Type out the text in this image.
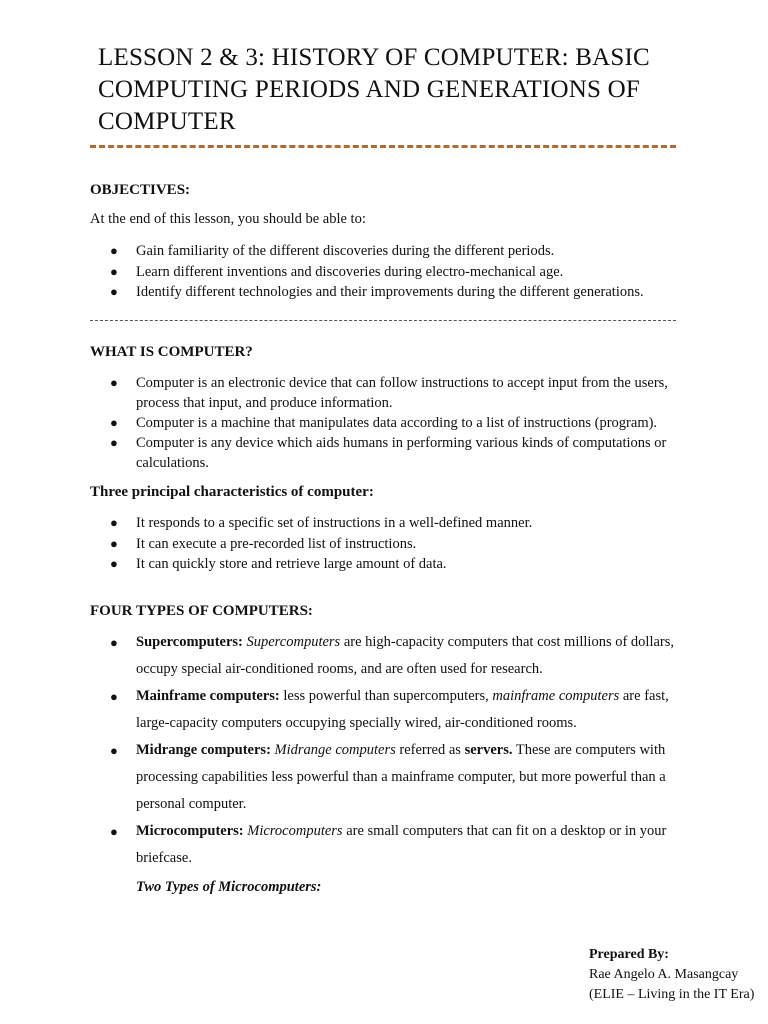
LESSON 2 & 3: HISTORY OF COMPUTER: BASIC COMPUTING PERIODS AND GENERATIONS OF COMPUTER

OBJECTIVES:

At the end of this lesson, you should be able to:

● Gain familiarity of the different discoveries during the different periods.
● Learn different inventions and discoveries during electro-mechanical age.
● Identify different technologies and their improvements during the different generations.

WHAT IS COMPUTER?

● Computer is an electronic device that can follow instructions to accept input from the users, process that input, and produce information.
● Computer is a machine that manipulates data according to a list of instructions (program).
● Computer is any device which aids humans in performing various kinds of computations or calculations.

Three principal characteristics of computer:

● It responds to a specific set of instructions in a well-defined manner.
● It can execute a pre-recorded list of instructions.
● It can quickly store and retrieve large amount of data.

FOUR TYPES OF COMPUTERS:

● Supercomputers: Supercomputers are high-capacity computers that cost millions of dollars, occupy special air-conditioned rooms, and are often used for research.
● Mainframe computers: less powerful than supercomputers, mainframe computers are fast, large-capacity computers occupying specially wired, air-conditioned rooms.
● Midrange computers: Midrange computers referred as servers. These are computers with processing capabilities less powerful than a mainframe computer, but more powerful than a personal computer.
● Microcomputers: Microcomputers are small computers that can fit on a desktop or in your briefcase.

Two Types of Microcomputers:

Prepared By:
Rae Angelo A. Masangcay
(ELIE – Living in the IT Era)
